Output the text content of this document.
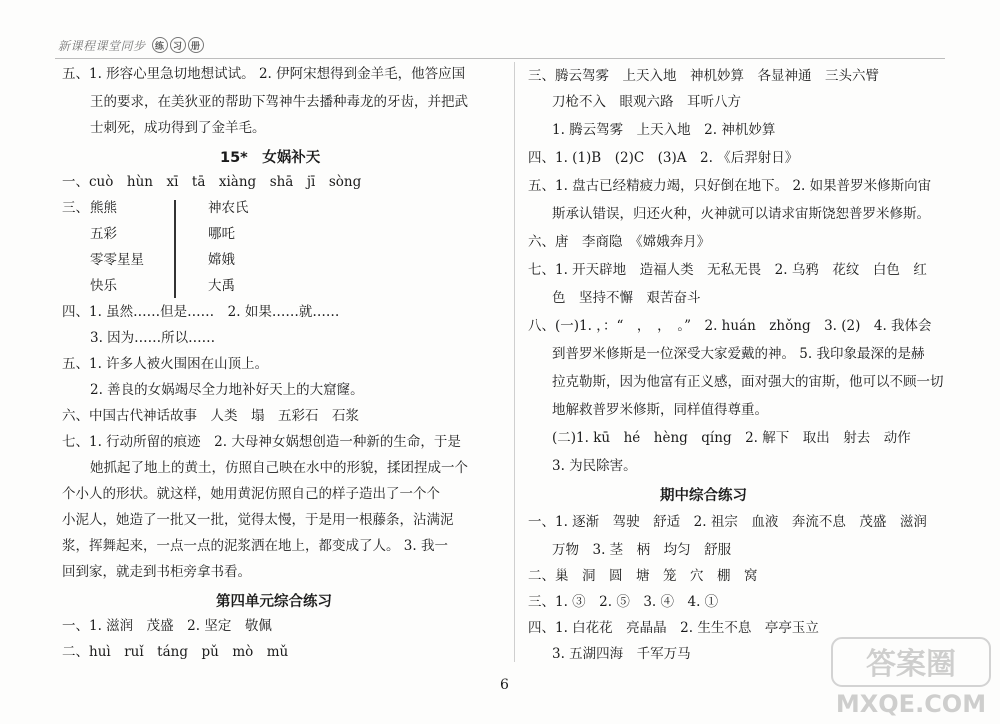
新课程课堂同步	练 习 册
五、1. 形容心里急切地想试试。 2. 伊阿宋想得到金羊毛，他答应国
王的要求，在美狄亚的帮助下驾神牛去播种毒龙的牙齿，并把武
士刺死，成功得到了金羊毛。
15*　女娲补天
一、cuò　hùn　xī　tā　xiàng　shā　jī　sòng
三、 熊熊
五彩
零零星星
快乐
神农氏
哪吒
嫦娥
大禹
四、1. 虽然……但是……　2. 如果……就……
3. 因为……所以……
五、1. 许多人被火围困在山顶上。
2. 善良的女娲竭尽全力地补好天上的大窟窿。
六、中国古代神话故事　人类　塌　五彩石　石浆
七、1. 行动所留的痕迹　2. 大母神女娲想创造一种新的生命，于是
她抓起了地上的黄土，仿照自己映在水中的形貌，揉团捏成一个
个小人的形状。就这样，她用黄泥仿照自己的样子造出了一个个
小泥人，她造了一批又一批，觉得太慢，于是用一根藤条，沾满泥
浆，挥舞起来，一点一点的泥浆洒在地上，都变成了人。 3. 我一
回到家，就走到书柜旁拿书看。
第四单元综合练习
一、1. 滋润　茂盛　2. 坚定　敬佩
二、huì　ruǐ　táng　pǔ　mò　mǔ
三、腾云驾雾　上天入地　神机妙算　各显神通　三头六臂
刀枪不入　眼观六路　耳听八方
1. 腾云驾雾　上天入地　2. 神机妙算
四、1. (1)B　(2)C　(3)A　2. 《后羿射日》
五、1. 盘古已经精疲力竭，只好倒在地下。 2. 如果普罗米修斯向宙
斯承认错误，归还火种，火神就可以请求宙斯饶恕普罗米修斯。
六、唐　李商隐　《嫦娥奔月》
七、1. 开天辟地　造福人类　无私无畏　2. 乌鸦　花纹　白色　红
色　坚持不懈　艰苦奋斗
八、(一)1. ，：“　，　，　。”　2. huán　zhǒng　3. (2)　4. 我体会
到普罗米修斯是一位深受大家爱戴的神。 5. 我印象最深的是赫
拉克勒斯，因为他富有正义感，面对强大的宙斯，他可以不顾一切
地解救普罗米修斯，同样值得尊重。
(二)1. kū　hé　hèng　qíng　2. 解下　取出　射去　动作
3. 为民除害。
期中综合练习
一、1. 逐渐　驾驶　舒适　2. 祖宗　血液　奔流不息　茂盛　滋润
万物　3. 茎　柄　均匀　舒服
二、巢　洞　圆　塘　笼　穴　棚　窝
三、1. ③　2. ⑤　3. ④　4. ①
四、1. 白花花　亮晶晶　2. 生生不息　亭亭玉立
3. 五湖四海　千军万马
6
答案圈
MXQE.COM
